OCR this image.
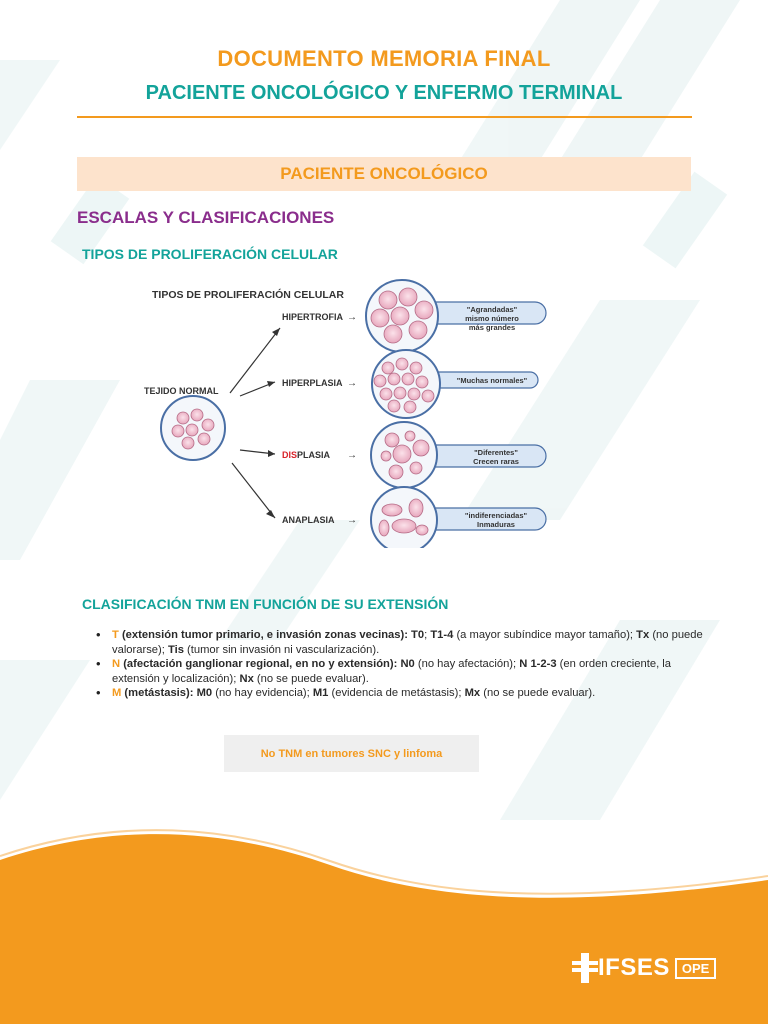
DOCUMENTO MEMORIA FINAL
PACIENTE ONCOLÓGICO Y ENFERMO TERMINAL
PACIENTE ONCOLÓGICO
ESCALAS Y CLASIFICACIONES
TIPOS DE PROLIFERACIÓN CELULAR
TIPOS DE PROLIFERACIÓN CELULAR
TEJIDO NORMAL
HIPERTROFIA →
"Agrandadas"
mismo número
más grandes
HIPERPLASIA →	"Muchas normales"
DISPLASIA →	"Diferentes"
Crecen raras
ANAPLASIA →	"indiferenciadas"
Inmaduras
CLASIFICACIÓN TNM EN FUNCIÓN DE SU EXTENSIÓN
• T (extensión tumor primario, e invasión zonas vecinas): T0; T1-4 (a mayor subíndice mayor tamaño); Tx (no puede valorarse); Tis (tumor sin invasión ni vascularización).
• N (afectación ganglionar regional, en no y extensión): N0 (no hay afectación); N 1-2-3 (en orden creciente, la extensión y localización); Nx (no se puede evaluar).
• M (metástasis): M0 (no hay evidencia); M1 (evidencia de metástasis); Mx (no se puede evaluar).
No TNM en tumores SNC y linfoma
IFSES OPE
